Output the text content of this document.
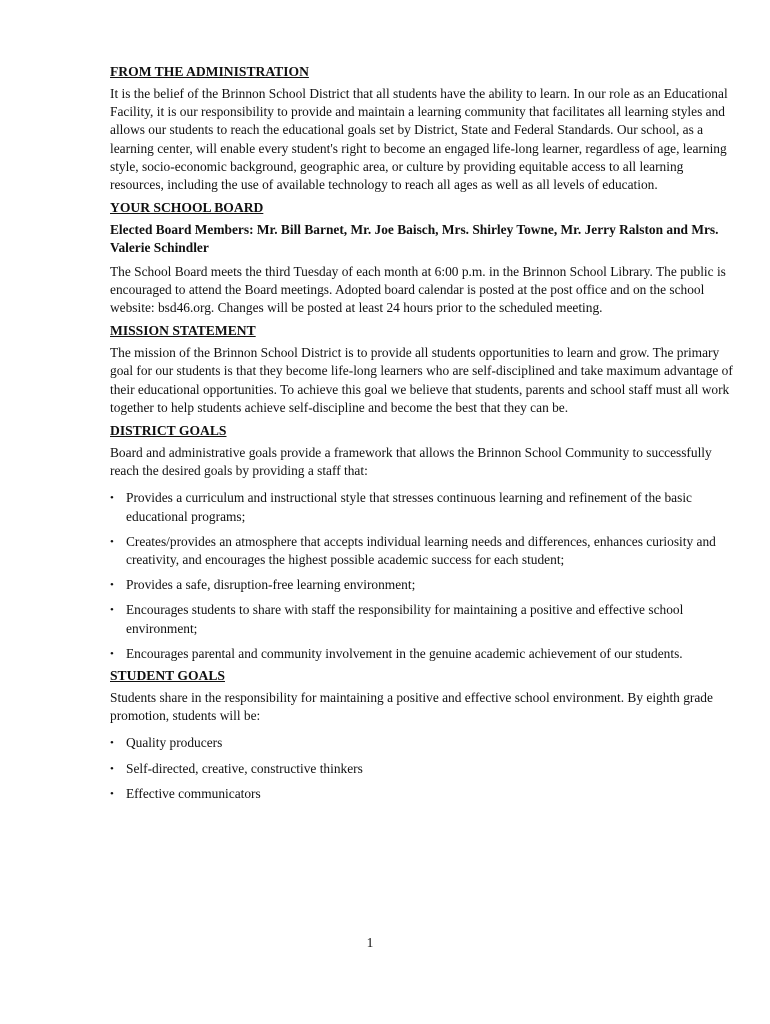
FROM THE ADMINISTRATION

It is the belief of the Brinnon School District that all students have the ability to learn. In our role as an Educational Facility, it is our responsibility to provide and maintain a learning community that facilitates all learning styles and allows our students to reach the educational goals set by District, State and Federal Standards. Our school, as a learning center, will enable every student's right to become an engaged life-long learner, regardless of age, learning style, socio-economic background, geographic area, or culture by providing equitable access to all learning resources, including the use of available technology to reach all ages as well as all levels of education.

YOUR SCHOOL BOARD

Elected Board Members: Mr. Bill Barnet, Mr. Joe Baisch, Mrs. Shirley Towne, Mr. Jerry Ralston and Mrs. Valerie Schindler

The School Board meets the third Tuesday of each month at 6:00 p.m. in the Brinnon School Library. The public is encouraged to attend the Board meetings. Adopted board calendar is posted at the post office and on the school website: bsd46.org. Changes will be posted at least 24 hours prior to the scheduled meeting.

MISSION STATEMENT

The mission of the Brinnon School District is to provide all students opportunities to learn and grow. The primary goal for our students is that they become life-long learners who are self-disciplined and take maximum advantage of their educational opportunities. To achieve this goal we believe that students, parents and school staff must all work together to help students achieve self-discipline and become the best that they can be.

DISTRICT GOALS

Board and administrative goals provide a framework that allows the Brinnon School Community to successfully reach the desired goals by providing a staff that:

• Provides a curriculum and instructional style that stresses continuous learning and refinement of the basic educational programs;
• Creates/provides an atmosphere that accepts individual learning needs and differences, enhances curiosity and creativity, and encourages the highest possible academic success for each student;
• Provides a safe, disruption-free learning environment;
• Encourages students to share with staff the responsibility for maintaining a positive and effective school environment;
• Encourages parental and community involvement in the genuine academic achievement of our students.
STUDENT GOALS

Students share in the responsibility for maintaining a positive and effective school environment. By eighth grade promotion, students will be:

• Quality producers
• Self-directed, creative, constructive thinkers
• Effective communicators
1
